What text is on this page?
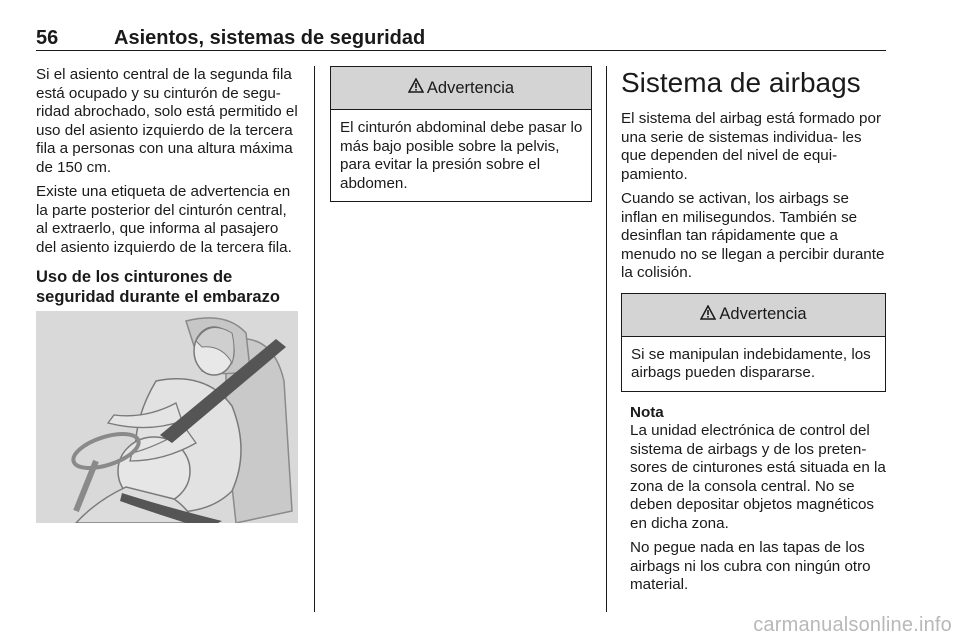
56	Asientos, sistemas de seguridad

Si el asiento central de la segunda fila está ocupado y su cinturón de segu- ridad abrochado, solo está permitido el uso del asiento izquierdo de la tercera fila a personas con una altura máxima de 150 cm.

Existe una etiqueta de advertencia en la parte posterior del cinturón central, al extraerlo, que informa al pasajero del asiento izquierdo de la tercera fila.

Uso de los cinturones de seguridad durante el embarazo
Advertencia

El cinturón abdominal debe pasar lo más bajo posible sobre la pelvis, para evitar la presión sobre el abdomen.

Sistema de airbags

El sistema del airbag está formado por una serie de sistemas individua- les que dependen del nivel de equi- pamiento.

Cuando se activan, los airbags se inflan en milisegundos. También se desinflan tan rápidamente que a menudo no se llegan a percibir durante la colisión.

Advertencia

Si se manipulan indebidamente, los airbags pueden dispararse.

Nota

La unidad electrónica de control del sistema de airbags y de los preten- sores de cinturones está situada en la zona de la consola central. No se deben depositar objetos magnéticos en dicha zona.

No pegue nada en las tapas de los airbags ni los cubra con ningún otro material.

carmanualsonline.info
